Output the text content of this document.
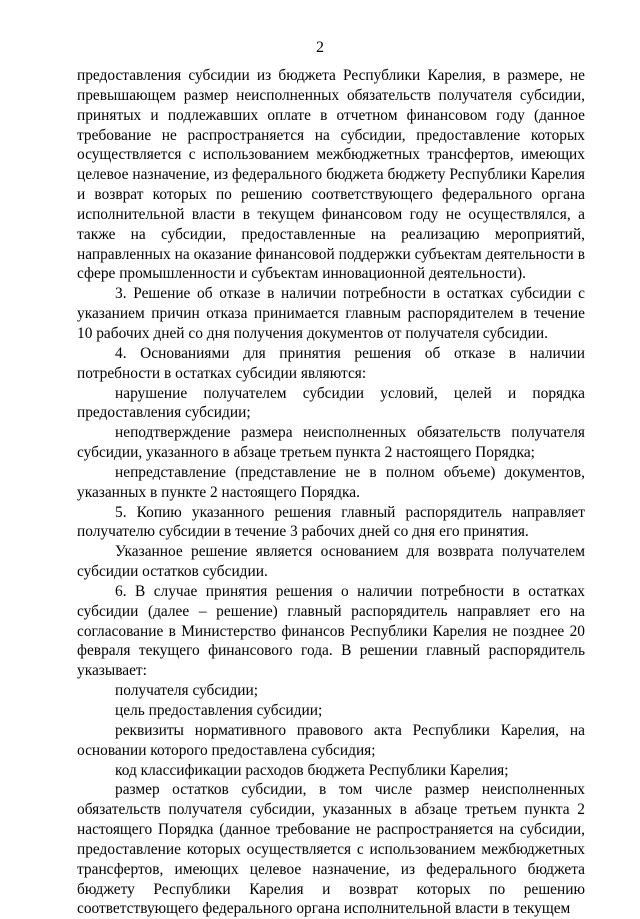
2

предоставления субсидии из бюджета Республики Карелия, в размере, не превышающем размер неисполненных обязательств получателя субсидии, принятых и подлежавших оплате в отчетном финансовом году (данное требование не распространяется на субсидии, предоставление которых осуществляется с использованием межбюджетных трансфертов, имеющих целевое назначение, из федерального бюджета бюджету Республики Карелия и возврат которых по решению соответствующего федерального органа исполнительной власти в текущем финансовом году не осуществлялся, а также на субсидии, предоставленные на реализацию мероприятий, направленных на оказание финансовой поддержки субъектам деятельности в сфере промышленности и субъектам инновационной деятельности).

3. Решение об отказе в наличии потребности в остатках субсидии с указанием причин отказа принимается главным распорядителем в течение 10 рабочих дней со дня получения документов от получателя субсидии.

4. Основаниями для принятия решения об отказе в наличии потребности в остатках субсидии являются:

нарушение получателем субсидии условий, целей и порядка предоставления субсидии;

неподтверждение размера неисполненных обязательств получателя субсидии, указанного в абзаце третьем пункта 2 настоящего Порядка;

непредставление (представление не в полном объеме) документов, указанных в пункте 2 настоящего Порядка.

5. Копию указанного решения главный распорядитель направляет получателю субсидии в течение 3 рабочих дней со дня его принятия.

Указанное решение является основанием для возврата получателем субсидии остатков субсидии.

6. В случае принятия решения о наличии потребности в остатках субсидии (далее – решение) главный распорядитель направляет его на согласование в Министерство финансов Республики Карелия не позднее 20 февраля текущего финансового года. В решении главный распорядитель указывает:

получателя субсидии;

цель предоставления субсидии;

реквизиты нормативного правового акта Республики Карелия, на основании которого предоставлена субсидия;

код классификации расходов бюджета Республики Карелия;

размер остатков субсидии, в том числе размер неисполненных обязательств получателя субсидии, указанных в абзаце третьем пункта 2 настоящего Порядка (данное требование не распространяется на субсидии, предоставление которых осуществляется с использованием межбюджетных трансфертов, имеющих целевое назначение, из федерального бюджета бюджету Республики Карелия и возврат которых по решению соответствующего федерального органа исполнительной власти в текущем
